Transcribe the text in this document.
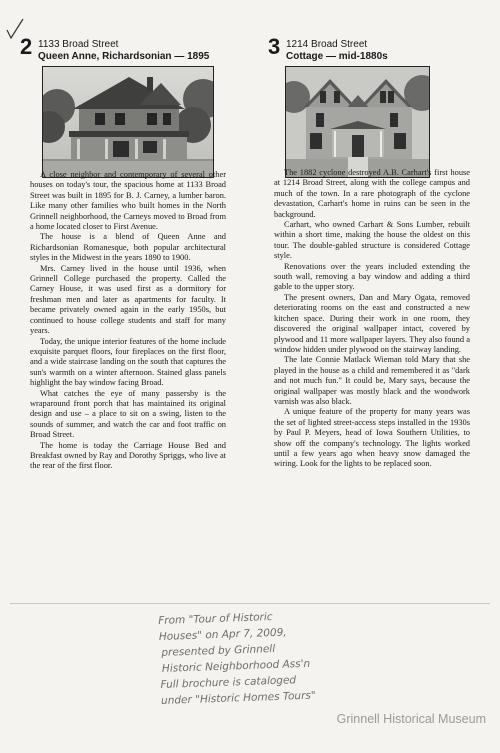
2 1133 Broad Street
Queen Anne, Richardsonian — 1895

A close neighbor and contemporary of several other houses on today's tour, the spacious home at 1133 Broad Street was built in 1895 for B. J. Carney, a lumber baron. Like many other families who built homes in the North Grinnell neighborhood, the Carneys moved to Broad from a home located closer to First Avenue.

The house is a blend of Queen Anne and Richardsonian Romanesque, both popular architectural styles in the Midwest in the years 1890 to 1900.

Mrs. Carney lived in the house until 1936, when Grinnell College purchased the property. Called the Carney House, it was used first as a dormitory for freshman men and later as apartments for faculty. It became privately owned again in the early 1950s, but continued to house college students and staff for many years.

Today, the unique interior features of the home include exquisite parquet floors, four fireplaces on the first floor, and a wide staircase landing on the south that captures the sun's warmth on a winter afternoon. Stained glass panels highlight the bay window facing Broad.

What catches the eye of many passersby is the wraparound front porch that has maintained its original design and use – a place to sit on a swing, listen to the sounds of summer, and watch the car and foot traffic on Broad Street.

The home is today the Carriage House Bed and Breakfast owned by Ray and Dorothy Spriggs, who live at the rear of the first floor.

3 1214 Broad Street
Cottage — mid-1880s

The 1882 cyclone destroyed A.B. Carhart's first house at 1214 Broad Street, along with the college campus and much of the town. In a rare photograph of the cyclone devastation, Carhart's home in ruins can be seen in the background.

Carhart, who owned Carhart & Sons Lumber, rebuilt within a short time, making the house the oldest on this tour. The double-gabled structure is considered Cottage style.

Renovations over the years included extending the south wall, removing a bay window and adding a third gable to the upper story.

The present owners, Dan and Mary Ogata, removed deteriorating rooms on the east and constructed a new kitchen space. During their work in one room, they discovered the original wallpaper intact, covered by plywood and 11 more wallpaper layers. They also found a window hidden under plywood on the stairway landing.

The late Connie Matlack Wieman told Mary that she played in the house as a child and remembered it as "dark and not much fun." It could be, Mary says, because the original wallpaper was mostly black and the woodwork varnish was also black.

A unique feature of the property for many years was the set of lighted street-access steps installed in the 1930s by Paul P. Meyers, head of Iowa Southern Utilities, to show off the company's technology. The lights worked until a few years ago when heavy snow damaged the wiring. Look for the lights to be replaced soon.

From "Tour of Historic
Houses" on Apr 7, 2009,
presented by Grinnell
Historic Neighborhood Ass'n
Full brochure is cataloged
under "Historic Homes Tours"
Grinnell Historical Museum
